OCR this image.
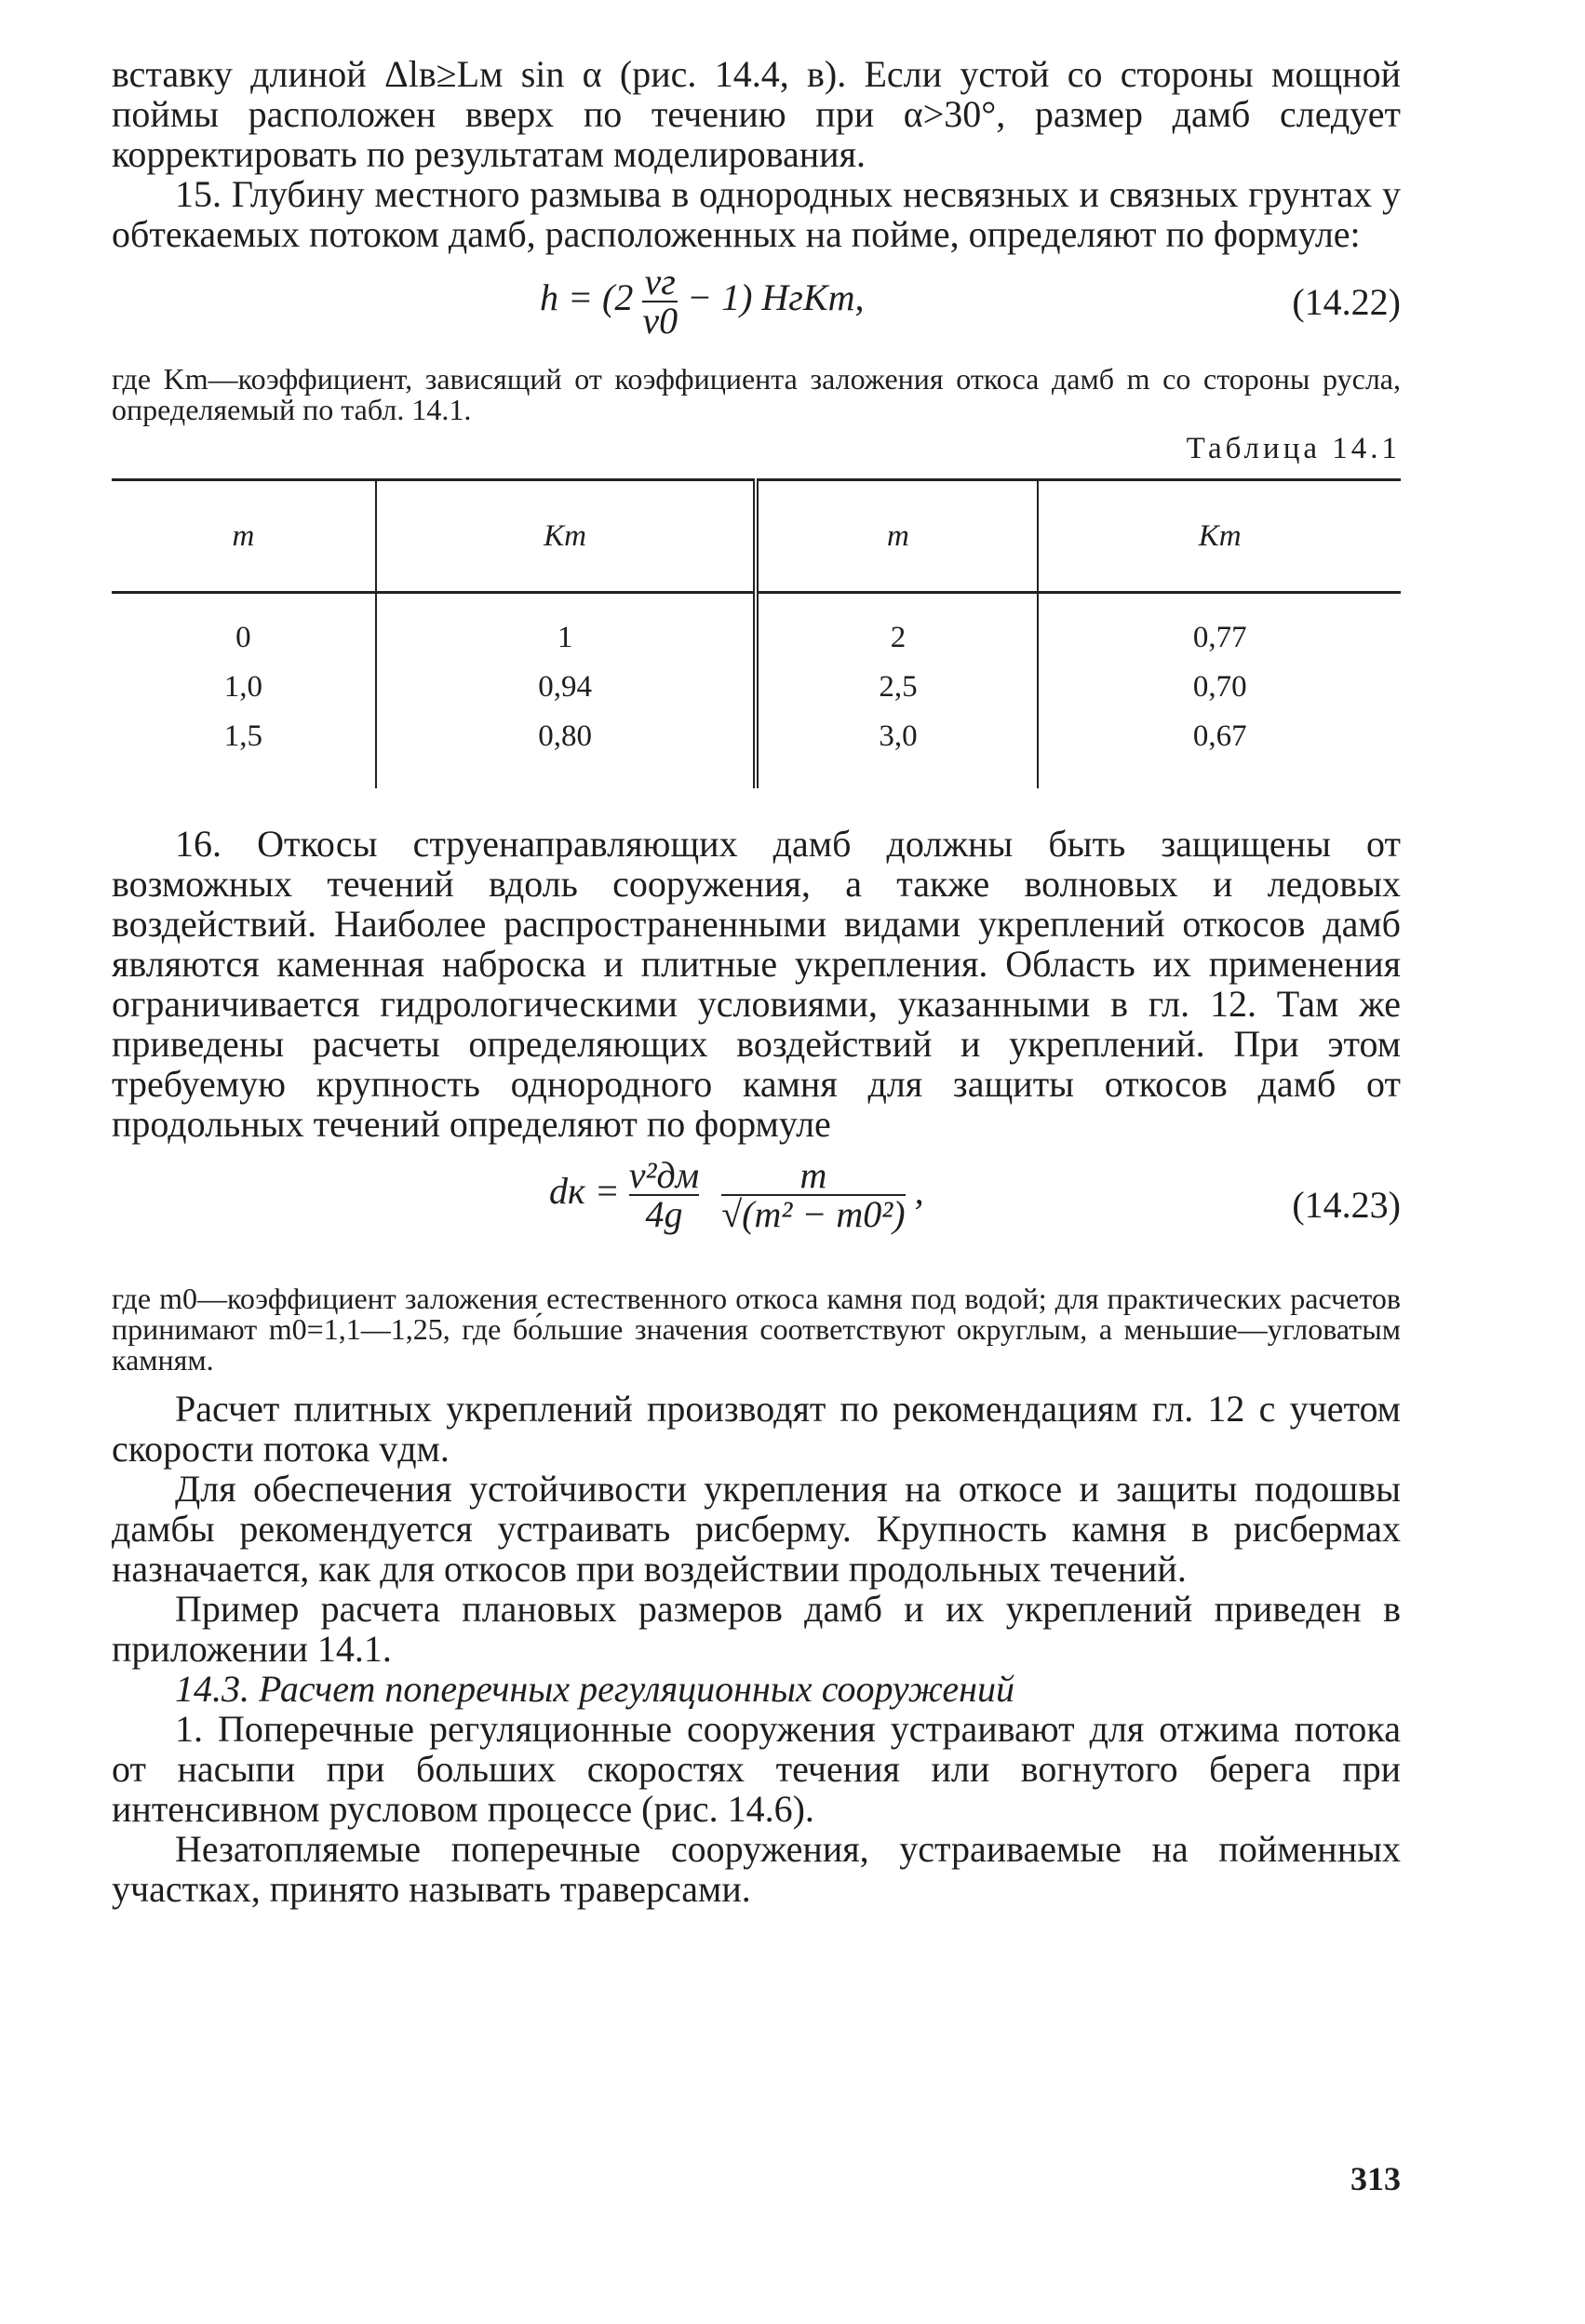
вставку длиной Δlв≥Lм sin α (рис. 14.4, в). Если устой со стороны мощной поймы расположен вверх по течению при α>30°, размер дамб следует корректировать по результатам моделирования.

15. Глубину местного размыва в однородных несвязных и связных грунтах у обтекаемых потоком дамб, расположенных на пойме, определяют по формуле:

$h = (2 \frac{vг}{v0} - 1)$ HгKm,	(14.22)

где Km—коэффициент, зависящий от коэффициента заложения откоса дамб m со стороны русла, определяемый по табл. 14.1.

Таблица 14.1
m	Km	m	Km
0	1	2	0,77
1,0	0,94	2,5	0,70
1,5	0,80	3,0	0,67

16. Откосы струенаправляющих дамб должны быть защищены от возможных течений вдоль сооружения, а также волновых и ледовых воздействий. Наиболее распространенными видами укреплений откосов дамб являются каменная наброска и плитные укрепления. Область их применения ограничивается гидрологическими условиями, указанными в гл. 12. Там же приведены расчеты определяющих воздействий и укреплений. При этом требуемую крупность однородного камня для защиты откосов дамб от продольных течений определяют по формуле

dк = $\frac{\text{v²дм}}{4g}$
$\frac{m}{\text{√(m² − m0²)}}$ ,	(14.23)

где m0—коэффициент заложения естественного откоса камня под водой; для практических расчетов принимают m0=1,1—1,25, где бо́льшие значения соответствуют округлым, а меньшие—угловатым камням.

Расчет плитных укреплений производят по рекомендациям гл. 12 с учетом скорости потока vдм.

Для обеспечения устойчивости укрепления на откосе и защиты подошвы дамбы рекомендуется устраивать рисберму. Крупность камня в рисбермах назначается, как для откосов при воздействии продольных течений.

Пример расчета плановых размеров дамб и их укреплений приведен в приложении 14.1.

14.3. Расчет поперечных регуляционных сооружений

1. Поперечные регуляционные сооружения устраивают для отжима потока от насыпи при больших скоростях течения или вогнутого берега при интенсивном русловом процессе (рис. 14.6).

Незатопляемые поперечные сооружения, устраиваемые на пойменных участках, принято называть траверсами.

313
